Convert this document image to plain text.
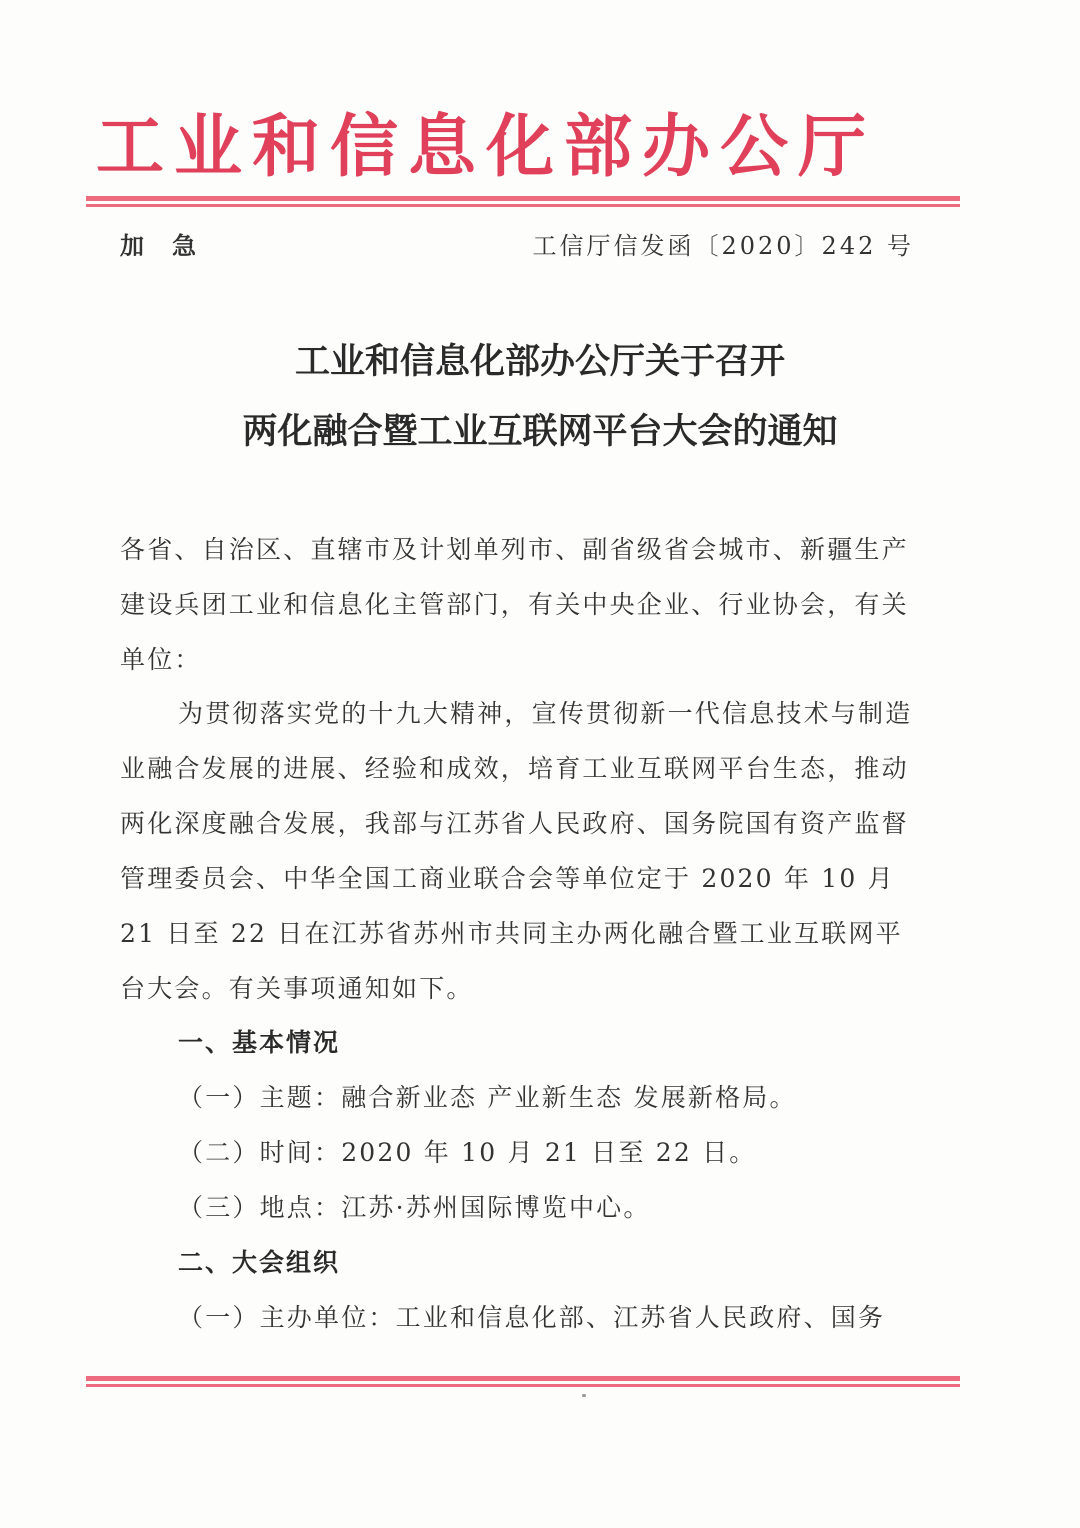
工业和信息化部办公厅
加急	工信厅信发函〔2020〕242 号
工业和信息化部办公厅关于召开
两化融合暨工业互联网平台大会的通知
各省、自治区、直辖市及计划单列市、副省级省会城市、新疆生产建设兵团工业和信息化主管部门，有关中央企业、行业协会，有关单位：
为贯彻落实党的十九大精神，宣传贯彻新一代信息技术与制造业融合发展的进展、经验和成效，培育工业互联网平台生态，推动两化深度融合发展，我部与江苏省人民政府、国务院国有资产监督管理委员会、中华全国工商业联合会等单位定于 2020 年 10 月 21 日至 22 日在江苏省苏州市共同主办两化融合暨工业互联网平台大会。有关事项通知如下。
一、基本情况
（一）主题：融合新业态 产业新生态 发展新格局。
（二）时间：2020 年 10 月 21 日至 22 日。
（三）地点：江苏·苏州国际博览中心。
二、大会组织
（一）主办单位：工业和信息化部、江苏省人民政府、国务
